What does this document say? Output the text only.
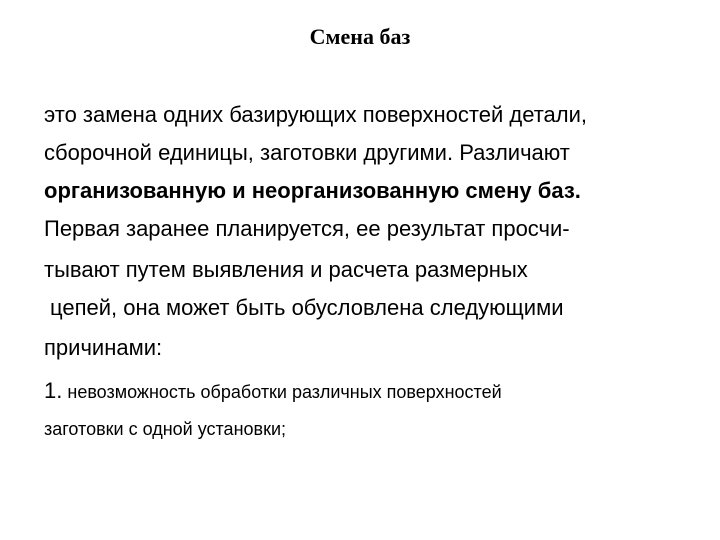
Смена баз
это замена одних базирующих поверхностей детали,
сборочной единицы, заготовки другими. Различают
организованную и неорганизованную смену баз.
Первая заранее планируется, ее результат просчи-
тывают путем выявления и расчета размерных
цепей, она может быть обусловлена следующими
причинами:
1. невозможность обработки различных поверхностей
заготовки с одной установки;
